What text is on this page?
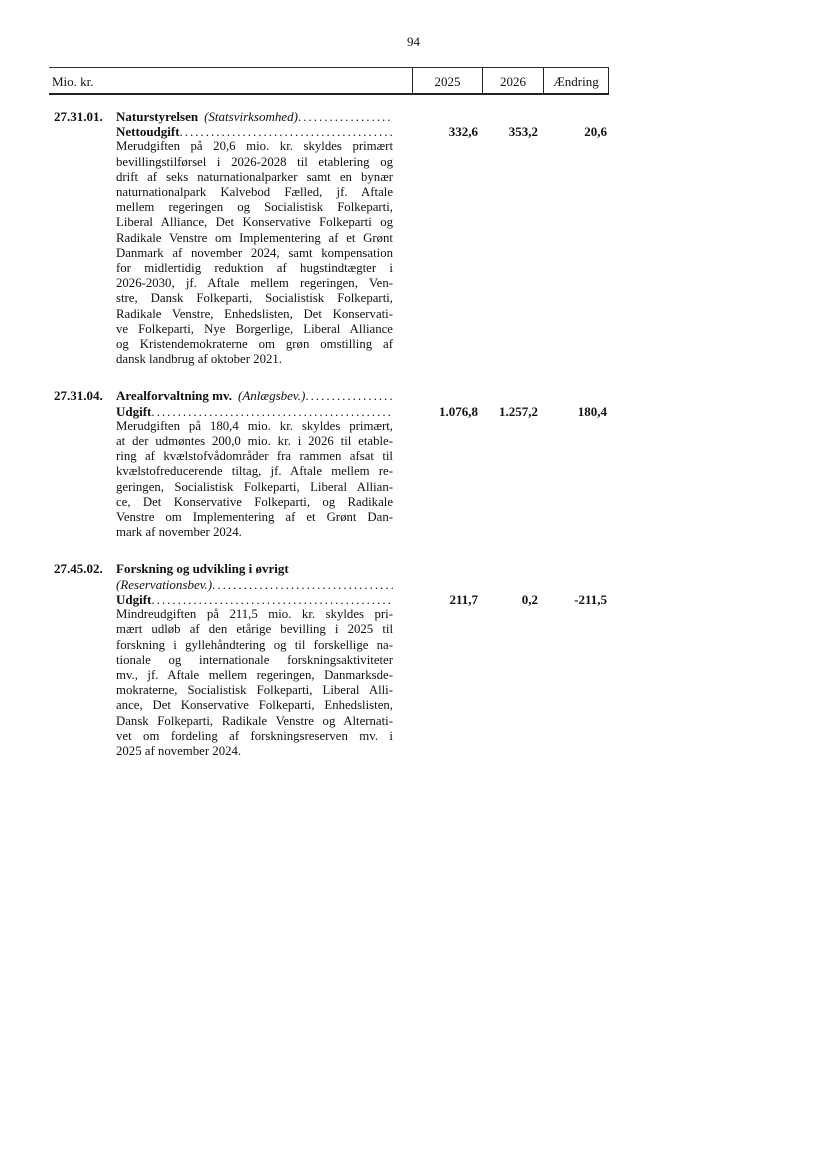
94
Mio. kr.	2025	2026	Ændring
27.31.01.	Naturstyrelsen (Statsvirksomhed)
.....
Nettoudgift .....	332,6	353,2	20,6
Merudgiften på 20,6 mio. kr. skyldes primært
bevillingstilførsel i 2026-2028 til etablering og
drift af seks naturnationalparker samt en bynær
naturnationalpark Kalvebod Fælled, jf. Aftale
mellem regeringen og Socialistisk Folkeparti,
Liberal Alliance, Det Konservative Folkeparti og
Radikale Venstre om Implementering af et Grønt
Danmark af november 2024, samt kompensation
for midlertidig reduktion af hugstindtægter i
2026-2030, jf. Aftale mellem regeringen, Ven-
stre, Dansk Folkeparti, Socialistisk Folkeparti,
Radikale Venstre, Enhedslisten, Det Konservati-
ve Folkeparti, Nye Borgerlige, Liberal Alliance
og Kristendemokraterne om grøn omstilling af
dansk landbrug af oktober 2021.
27.31.04.	Arealforvaltning mv. (Anlægsbev.)
.....
Udgift .....	1.076,8	1.257,2	180,4
Merudgiften på 180,4 mio. kr. skyldes primært,
at der udmøntes 200,0 mio. kr. i 2026 til etable-
ring af kvælstofvådområder fra rammen afsat til
kvælstofreducerende tiltag, jf. Aftale mellem re-
geringen, Socialistisk Folkeparti, Liberal Allian-
ce, Det Konservative Folkeparti, og Radikale
Venstre om Implementering af et Grønt Dan-
mark af november 2024.
27.45.02.	Forskning og udvikling i øvrigt
(Reservationsbev.)
.....
Udgift .....	211,7	0,2	-211,5
Mindreudgiften på 211,5 mio. kr. skyldes pri-
mært udløb af den etårige bevilling i 2025 til
forskning i gyllehåndtering og til forskellige na-
tionale og internationale forskningsaktiviteter
mv., jf. Aftale mellem regeringen, Danmarksde-
mokraterne, Socialistisk Folkeparti, Liberal Alli-
ance, Det Konservative Folkeparti, Enhedslisten,
Dansk Folkeparti, Radikale Venstre og Alternati-
vet om fordeling af forskningsreserven mv. i
2025 af november 2024.
